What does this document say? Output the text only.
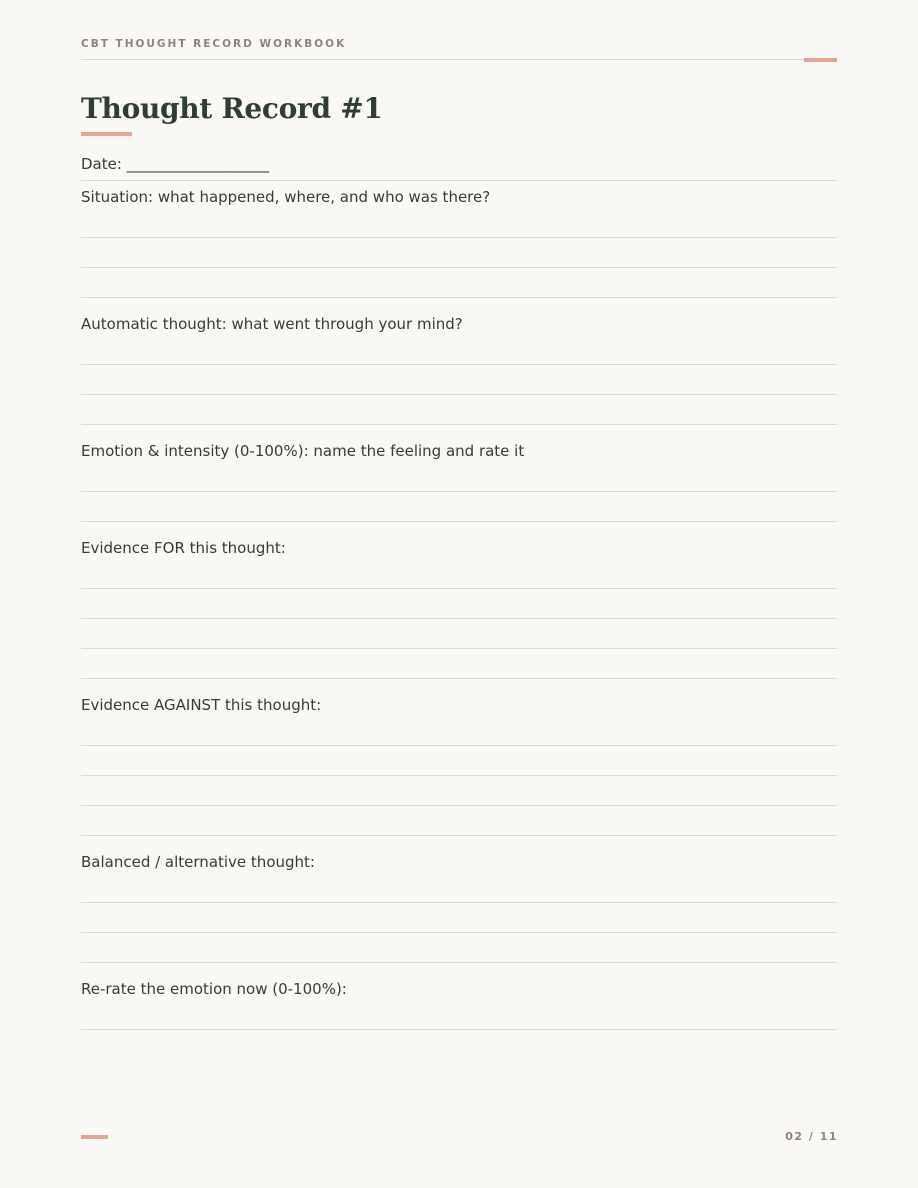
CBT THOUGHT RECORD WORKBOOK
Thought Record #1
Date: ___________________
Situation: what happened, where, and who was there?
Automatic thought: what went through your mind?
Emotion & intensity (0-100%): name the feeling and rate it
Evidence FOR this thought:
Evidence AGAINST this thought:
Balanced / alternative thought:
Re-rate the emotion now (0-100%):
02 / 11
